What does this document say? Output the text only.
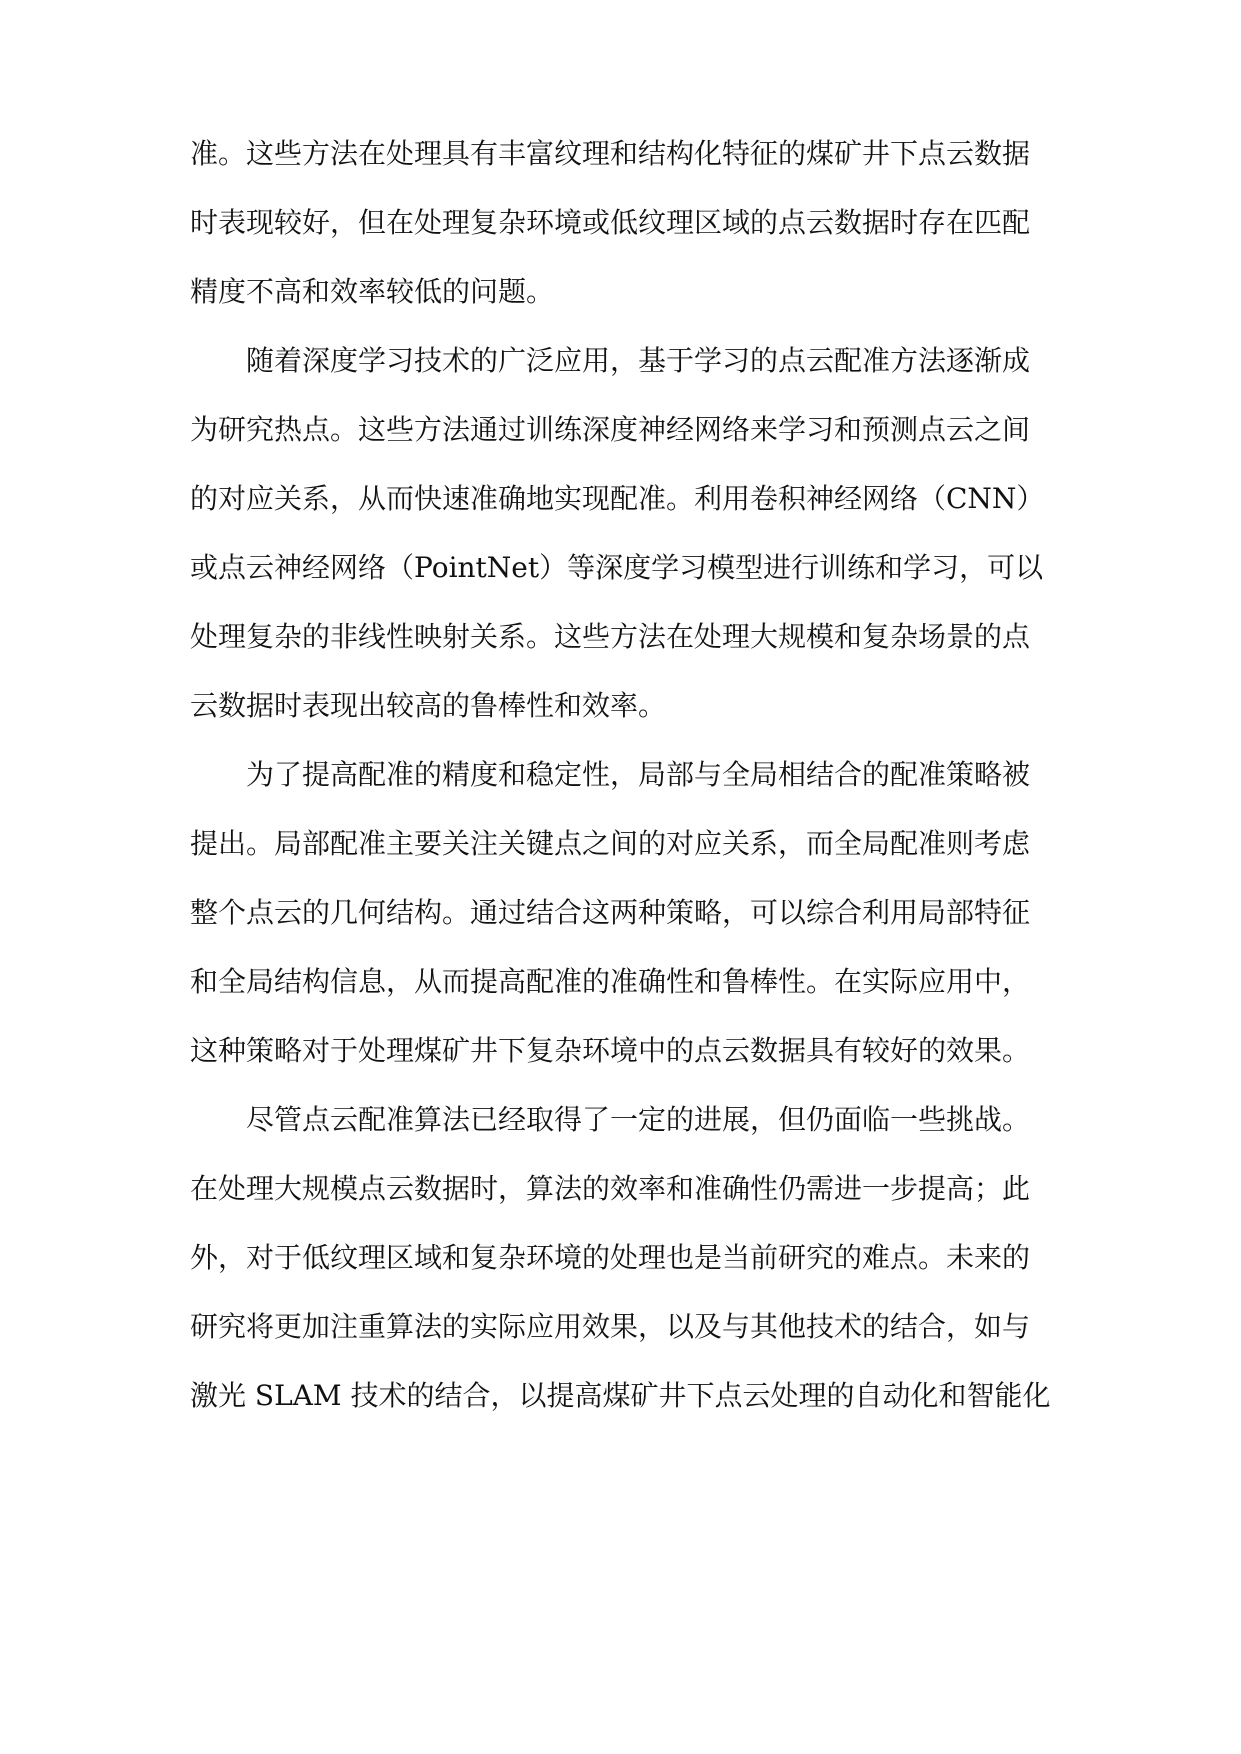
准。这些方法在处理具有丰富纹理和结构化特征的煤矿井下点云数据
时表现较好，但在处理复杂环境或低纹理区域的点云数据时存在匹配
精度不高和效率较低的问题。
随着深度学习技术的广泛应用，基于学习的点云配准方法逐渐成
为研究热点。这些方法通过训练深度神经网络来学习和预测点云之间
的对应关系，从而快速准确地实现配准。利用卷积神经网络（CNN）
或点云神经网络（PointNet）等深度学习模型进行训练和学习，可以
处理复杂的非线性映射关系。这些方法在处理大规模和复杂场景的点
云数据时表现出较高的鲁棒性和效率。
为了提高配准的精度和稳定性，局部与全局相结合的配准策略被
提出。局部配准主要关注关键点之间的对应关系，而全局配准则考虑
整个点云的几何结构。通过结合这两种策略，可以综合利用局部特征
和全局结构信息，从而提高配准的准确性和鲁棒性。在实际应用中，
这种策略对于处理煤矿井下复杂环境中的点云数据具有较好的效果。
尽管点云配准算法已经取得了一定的进展，但仍面临一些挑战。
在处理大规模点云数据时，算法的效率和准确性仍需进一步提高；此
外，对于低纹理区域和复杂环境的处理也是当前研究的难点。未来的
研究将更加注重算法的实际应用效果，以及与其他技术的结合，如与
激光 SLAM 技术的结合，以提高煤矿井下点云处理的自动化和智能化
